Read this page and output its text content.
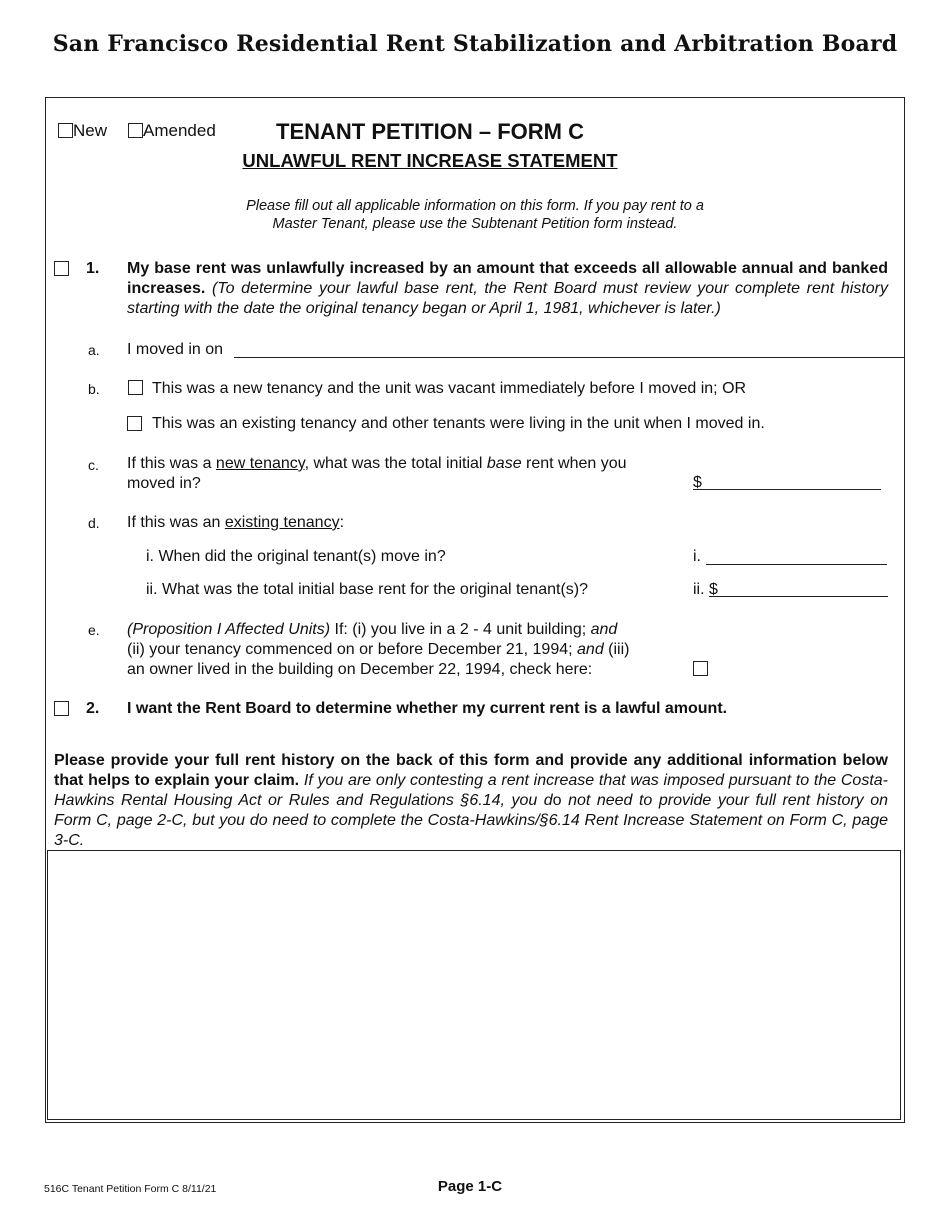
San Francisco Residential Rent Stabilization and Arbitration Board
New	Amended	TENANT PETITION – FORM C
UNLAWFUL RENT INCREASE STATEMENT
Please fill out all applicable information on this form. If you pay rent to a
Master Tenant, please use the Subtenant Petition form instead.
1. My base rent was unlawfully increased by an amount that exceeds all allowable annual and banked increases. (To determine your lawful base rent, the Rent Board must review your complete rent history starting with the date the original tenancy began or April 1, 1981, whichever is later.)
a. I moved in on
b.	This was a new tenancy and the unit was vacant immediately before I moved in; OR
This was an existing tenancy and other tenants were living in the unit when I moved in.
c. If this was a new tenancy, what was the total initial base rent when you
moved in?	$
d. If this was an existing tenancy:
i. When did the original tenant(s) move in?	i.
ii. What was the total initial base rent for the original tenant(s)?	ii. $
e. (Proposition I Affected Units) If: (i) you live in a 2 - 4 unit building; and
(ii) your tenancy commenced on or before December 21, 1994; and (iii)
an owner lived in the building on December 22, 1994, check here:
2. I want the Rent Board to determine whether my current rent is a lawful amount.
Please provide your full rent history on the back of this form and provide any additional information below that helps to explain your claim. If you are only contesting a rent increase that was imposed pursuant to the Costa-Hawkins Rental Housing Act or Rules and Regulations §6.14, you do not need to provide your full rent history on Form C, page 2-C, but you do need to complete the Costa-Hawkins/§6.14 Rent Increase Statement on Form C, page 3-C.
516C Tenant Petition Form C 8/11/21	Page 1-C
